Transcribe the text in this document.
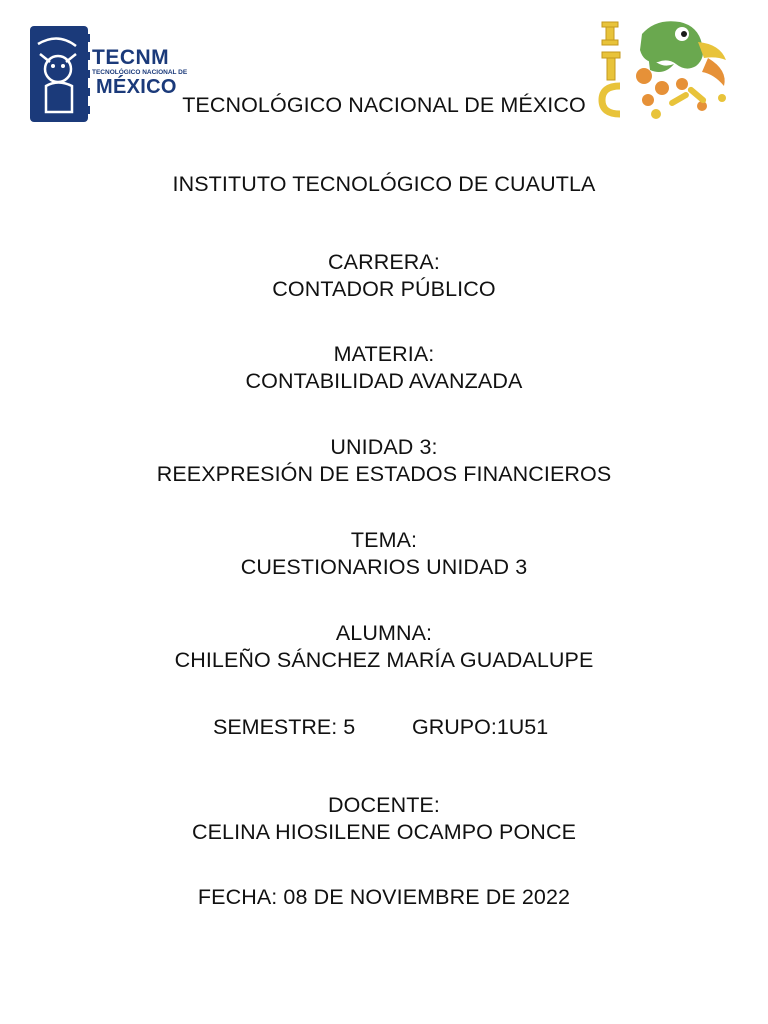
TECNM
TECNOLÓGICO NACIONAL DE
MÉXICO
TECNOLÓGICO NACIONAL DE MÉXICO
INSTITUTO TECNOLÓGICO DE CUAUTLA
CARRERA:
CONTADOR PÚBLICO
MATERIA:
CONTABILIDAD AVANZADA
UNIDAD 3:
REEXPRESIÓN DE ESTADOS FINANCIEROS
TEMA:
CUESTIONARIOS UNIDAD 3
ALUMNA:
CHILEÑO SÁNCHEZ MARÍA GUADALUPE
SEMESTRE: 5	GRUPO:1U51
DOCENTE:
CELINA HIOSILENE OCAMPO PONCE
FECHA: 08 DE NOVIEMBRE DE 2022
